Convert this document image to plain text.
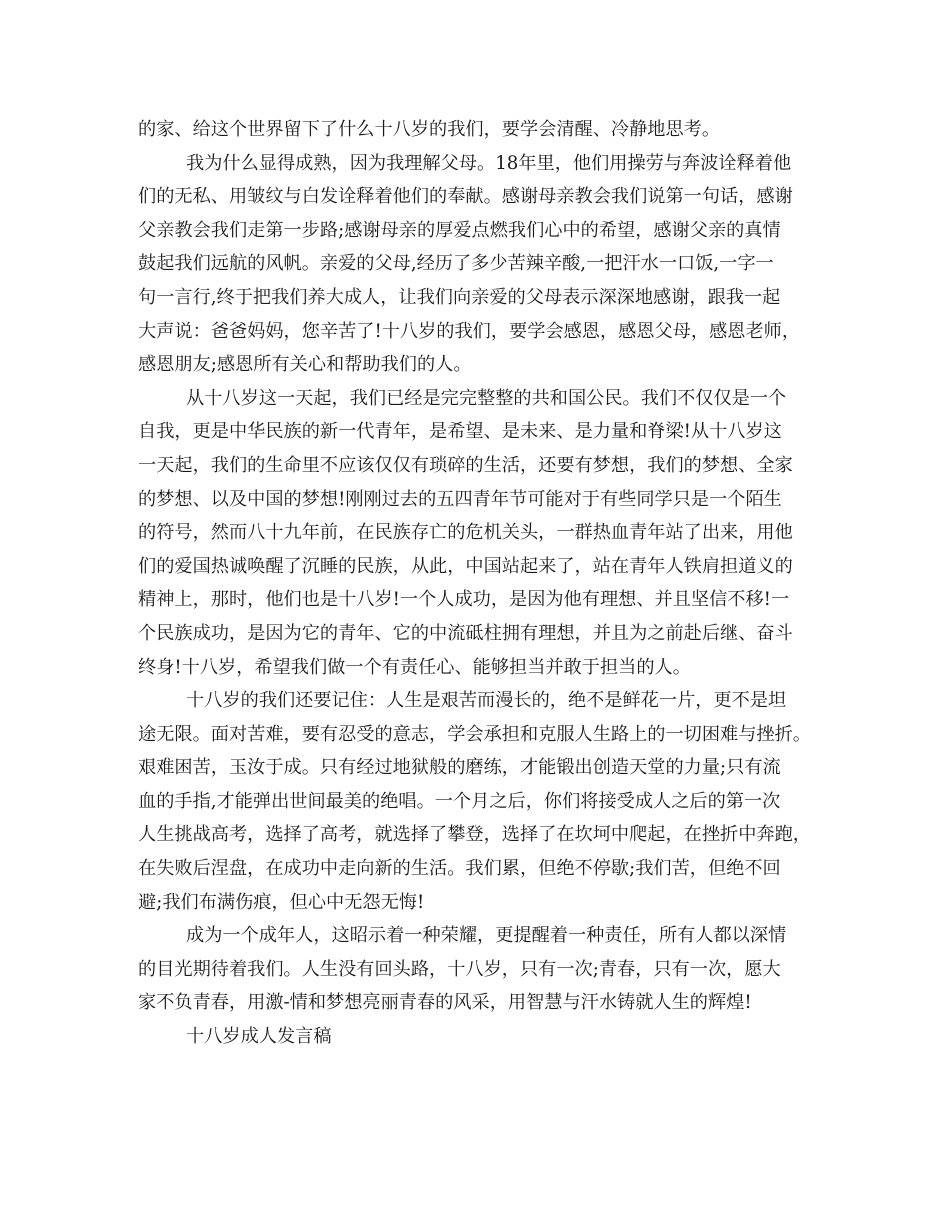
的家、给这个世界留下了什么十八岁的我们，要学会清醒、冷静地思考。
我为什么显得成熟，因为我理解父母。18年里，他们用操劳与奔波诠释着他
们的无私、用皱纹与白发诠释着他们的奉献。感谢母亲教会我们说第一句话，感谢
父亲教会我们走第一步路;感谢母亲的厚爱点燃我们心中的希望，感谢父亲的真情
鼓起我们远航的风帆。亲爱的父母,经历了多少苦辣辛酸,一把汗水一口饭,一字一
句一言行,终于把我们养大成人，让我们向亲爱的父母表示深深地感谢，跟我一起
大声说：爸爸妈妈，您辛苦了!十八岁的我们，要学会感恩，感恩父母，感恩老师，
感恩朋友;感恩所有关心和帮助我们的人。
从十八岁这一天起，我们已经是完完整整的共和国公民。我们不仅仅是一个
自我，更是中华民族的新一代青年，是希望、是未来、是力量和脊梁!从十八岁这
一天起，我们的生命里不应该仅仅有琐碎的生活，还要有梦想，我们的梦想、全家
的梦想、以及中国的梦想!刚刚过去的五四青年节可能对于有些同学只是一个陌生
的符号，然而八十九年前，在民族存亡的危机关头，一群热血青年站了出来，用他
们的爱国热诚唤醒了沉睡的民族，从此，中国站起来了，站在青年人铁肩担道义的
精神上，那时，他们也是十八岁!一个人成功，是因为他有理想、并且坚信不移!一
个民族成功，是因为它的青年、它的中流砥柱拥有理想，并且为之前赴后继、奋斗
终身!十八岁，希望我们做一个有责任心、能够担当并敢于担当的人。
十八岁的我们还要记住：人生是艰苦而漫长的，绝不是鲜花一片，更不是坦
途无限。面对苦难，要有忍受的意志，学会承担和克服人生路上的一切困难与挫折。
艰难困苦，玉汝于成。只有经过地狱般的磨练，才能锻出创造天堂的力量;只有流
血的手指,才能弹出世间最美的绝唱。一个月之后，你们将接受成人之后的第一次
人生挑战高考，选择了高考，就选择了攀登，选择了在坎坷中爬起，在挫折中奔跑，
在失败后涅盘，在成功中走向新的生活。我们累，但绝不停歇;我们苦，但绝不回
避;我们布满伤痕，但心中无怨无悔!
成为一个成年人，这昭示着一种荣耀，更提醒着一种责任，所有人都以深情
的目光期待着我们。人生没有回头路，十八岁，只有一次;青春，只有一次，愿大
家不负青春，用激-情和梦想亮丽青春的风采，用智慧与汗水铸就人生的辉煌!
十八岁成人发言稿
